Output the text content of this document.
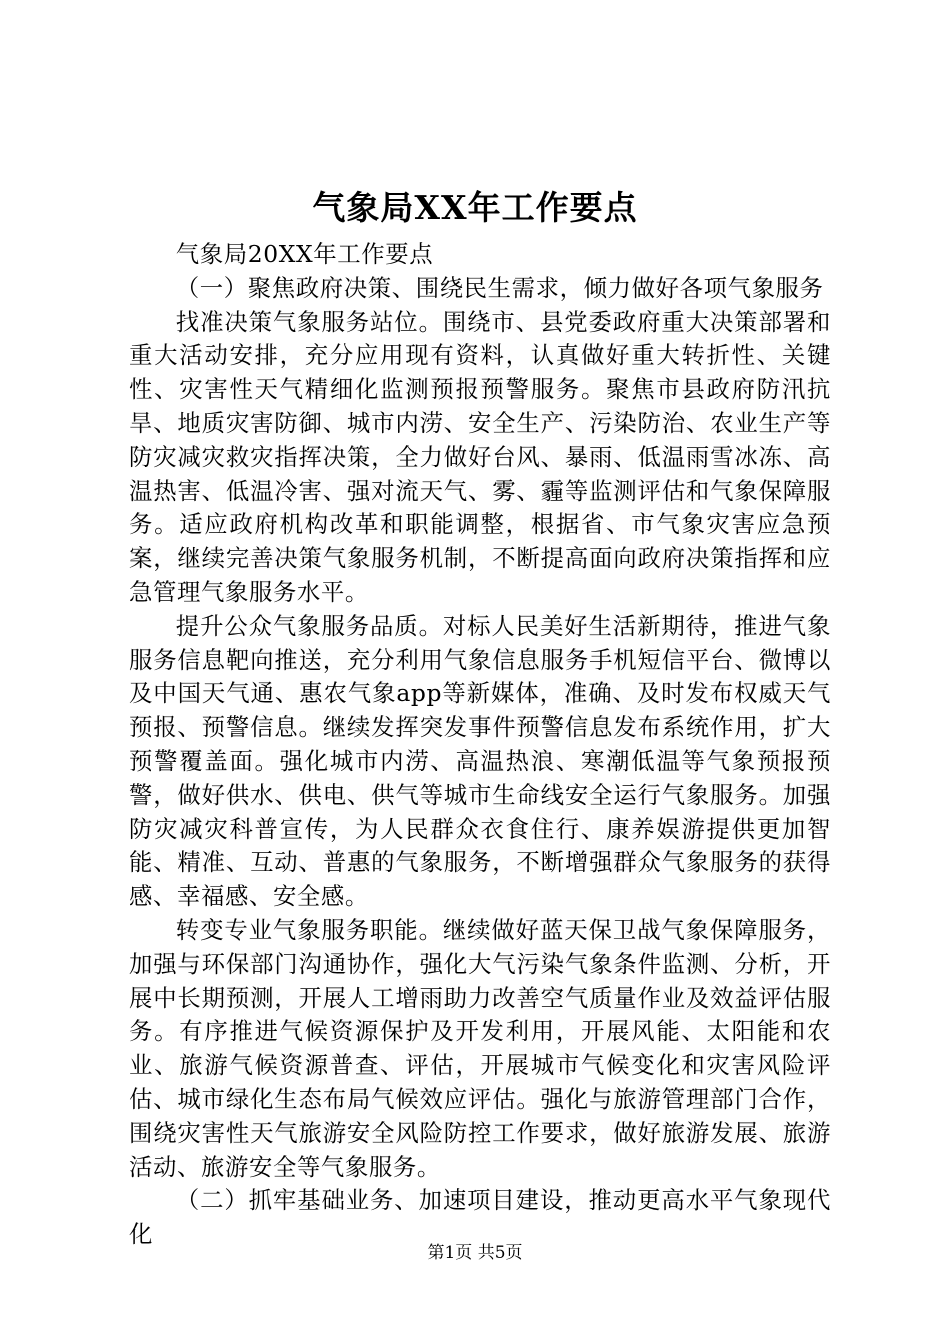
气象局XX年工作要点

气象局20XX年工作要点

（一）聚焦政府决策、围绕民生需求，倾力做好各项气象服务

找准决策气象服务站位。围绕市、县党委政府重大决策部署和重大活动安排，充分应用现有资料，认真做好重大转折性、关键性、灾害性天气精细化监测预报预警服务。聚焦市县政府防汛抗旱、地质灾害防御、城市内涝、安全生产、污染防治、农业生产等防灾减灾救灾指挥决策，全力做好台风、暴雨、低温雨雪冰冻、高温热害、低温冷害、强对流天气、雾、霾等监测评估和气象保障服务。适应政府机构改革和职能调整，根据省、市气象灾害应急预案，继续完善决策气象服务机制，不断提高面向政府决策指挥和应急管理气象服务水平。

提升公众气象服务品质。对标人民美好生活新期待，推进气象服务信息靶向推送，充分利用气象信息服务手机短信平台、微博以及中国天气通、惠农气象app等新媒体，准确、及时发布权威天气预报、预警信息。继续发挥突发事件预警信息发布系统作用，扩大预警覆盖面。强化城市内涝、高温热浪、寒潮低温等气象预报预警，做好供水、供电、供气等城市生命线安全运行气象服务。加强防灾减灾科普宣传，为人民群众衣食住行、康养娱游提供更加智能、精准、互动、普惠的气象服务，不断增强群众气象服务的获得感、幸福感、安全感。

转变专业气象服务职能。继续做好蓝天保卫战气象保障服务，加强与环保部门沟通协作，强化大气污染气象条件监测、分析，开展中长期预测，开展人工增雨助力改善空气质量作业及效益评估服务。有序推进气候资源保护及开发利用，开展风能、太阳能和农业、旅游气候资源普查、评估，开展城市气候变化和灾害风险评估、城市绿化生态布局气候效应评估。强化与旅游管理部门合作，围绕灾害性天气旅游安全风险防控工作要求，做好旅游发展、旅游活动、旅游安全等气象服务。

（二）抓牢基础业务、加速项目建设，推动更高水平气象现代化

第1页 共5页
